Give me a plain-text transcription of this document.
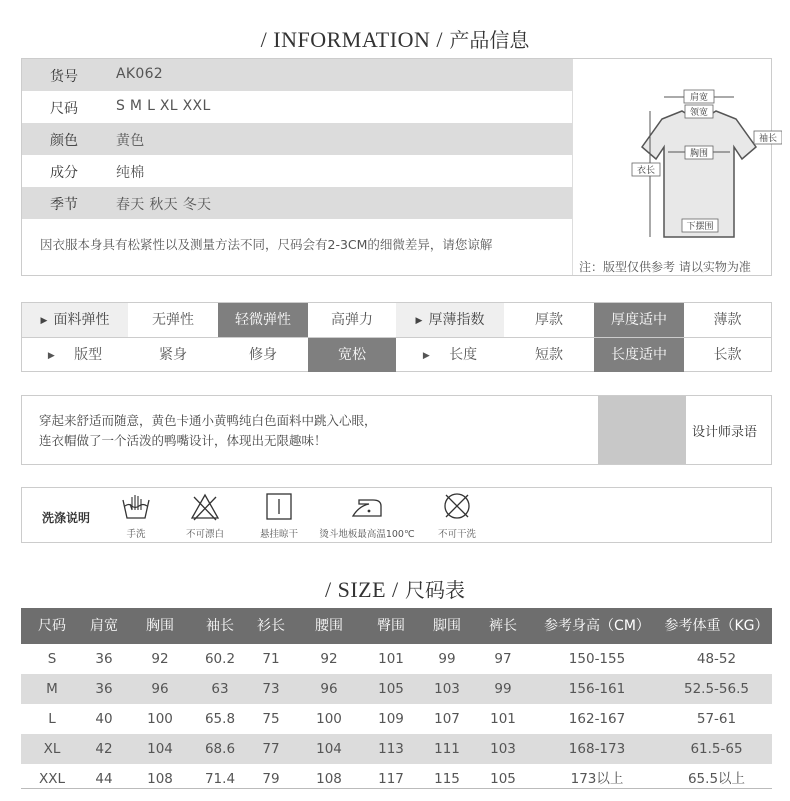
/ INFORMATION / 产品信息
货号	AK062
尺码	S M L XL XXL
颜色	黄色
成分	纯棉
季节	春天 秋天 冬天
因衣服本身具有松紧性以及测量方法不同，尺码会有2-3CM的细微差异，请您谅解
肩宽
领宽
袖长
胸围
衣长
下摆围
注：版型仅供参考 请以实物为准
▶ 面料弹性	无弹性	轻微弹性	高弹力	▶ 厚薄指数	厚款	厚度适中	薄款
▶ 版型	紧身	修身	宽松	▶ 长度	短款	长度适中	长款
穿起来舒适而随意，黄色卡通小黄鸭纯白色面料中跳入心眼，
连衣帽做了一个活泼的鸭嘴设计，体现出无限趣味！
设计师录语
洗涤说明
手洗	不可漂白	悬挂晾干	烫斗地板最高温100℃	不可干洗
/ SIZE / 尺码表
尺码	肩宽	胸围	袖长	衫长	腰围	臀围	脚围	裤长	参考身高（CM）	参考体重（KG）
S	36	92	60.2	71	92	101	99	97	150-155	48-52
M	36	96	63	73	96	105	103	99	156-161	52.5-56.5
L	40	100	65.8	75	100	109	107	101	162-167	57-61
XL	42	104	68.6	77	104	113	111	103	168-173	61.5-65
XXL	44	108	71.4	79	108	117	115	105	173以上	65.5以上
